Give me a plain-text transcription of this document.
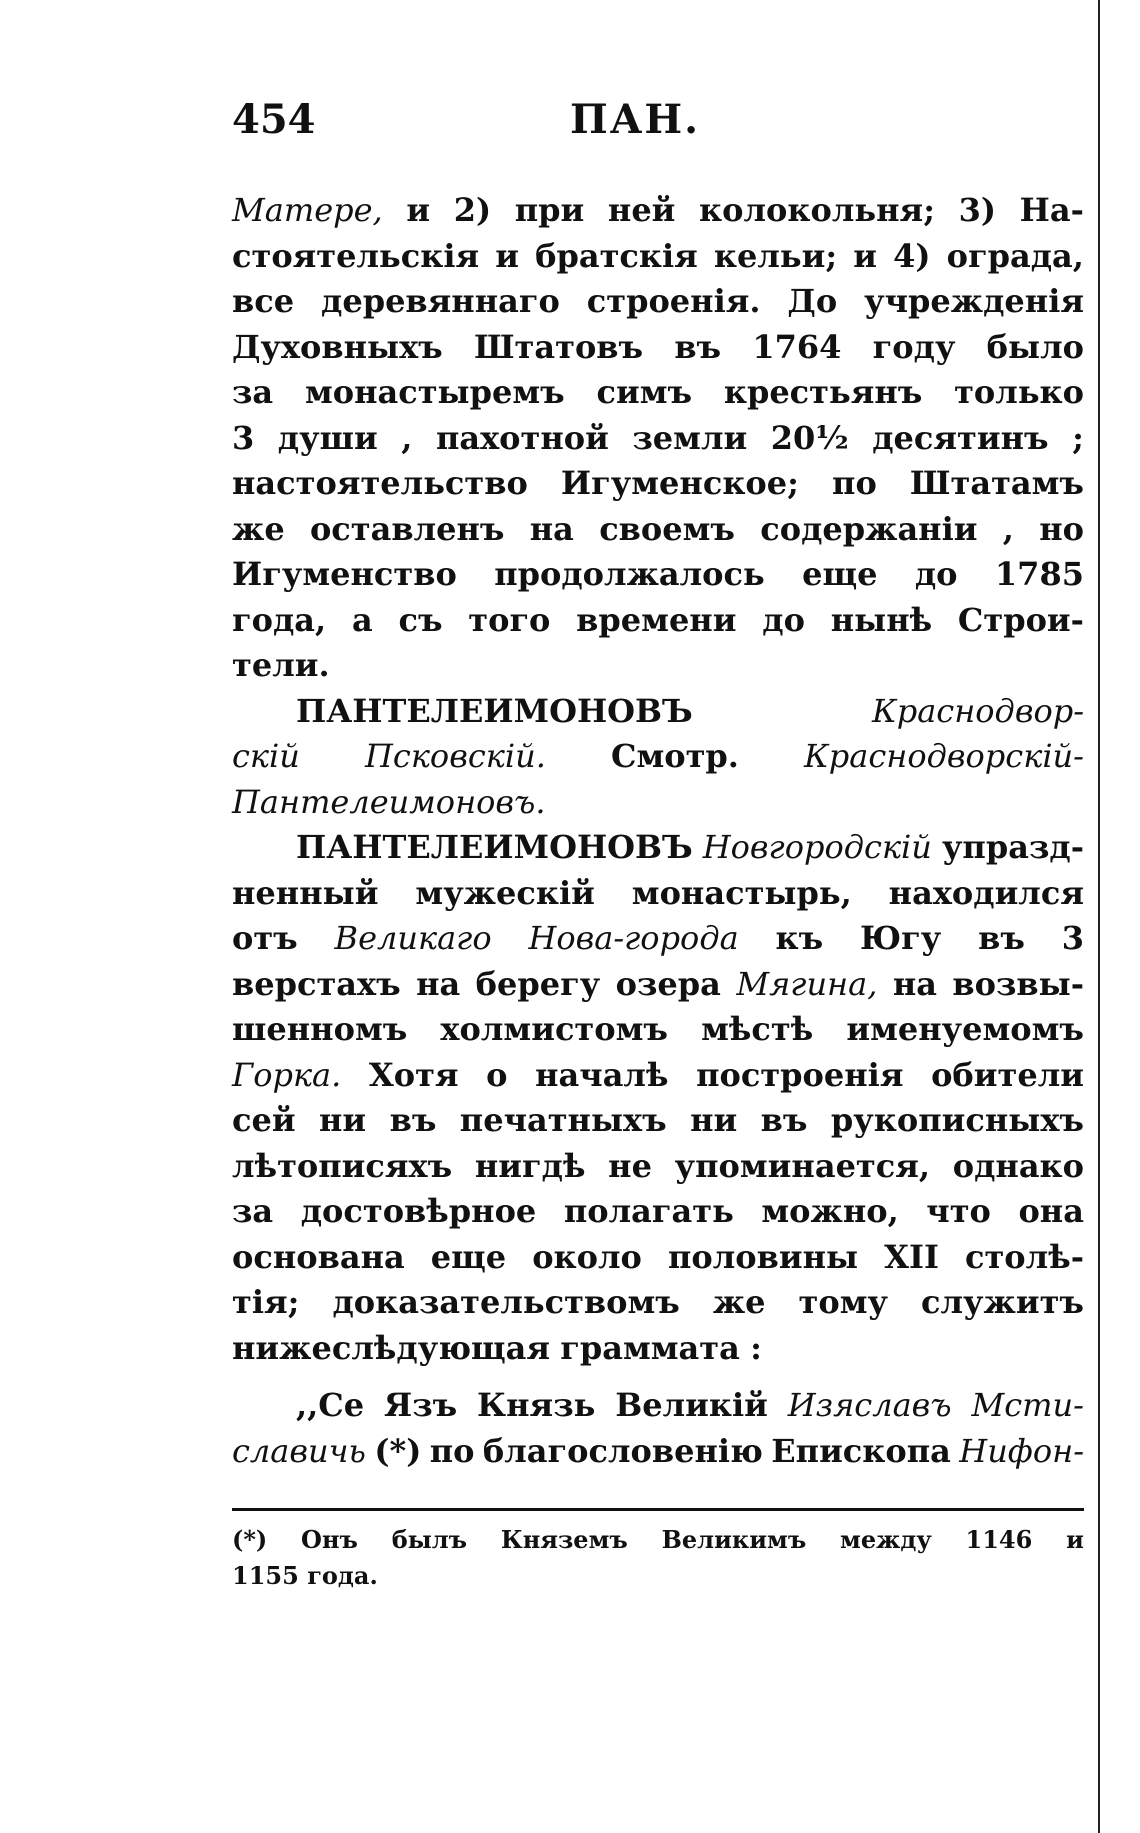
454	ПАН.
Матере, и 2) при ней колокольня; 3) На-
стоятельскія и братскія кельи; и 4) ограда,
все деревяннаго строенія. До учрежденія
Духовныхъ Штатовъ въ 1764 году было
за монастыремъ симъ крестьянъ только
3 души , пахотной земли 20½ десятинъ ;
настоятельство Игуменское; по Штатамъ
же оставленъ на своемъ содержаніи , но
Игуменство продолжалось еще до 1785
года, а съ того времени до нынѣ Строи-
тели.
ПАНТЕЛЕИМОНОВЪ	Краснодвор-
скій Псковскій. Смотр. Краснодворскій-
Пантелеимоновъ.
ПАНТЕЛЕИМОНОВЪ Новгородскій упразд-
ненный мужескій монастырь, находился
отъ Великаго Нова-города къ Югу въ 3
верстахъ на берегу озера Мягина, на возвы-
шенномъ холмистомъ мѣстѣ именуемомъ
Горка. Хотя о началѣ построенія обители
сей ни въ печатныхъ ни въ рукописныхъ
лѣтописяхъ нигдѣ не упоминается, однако
за достовѣрное полагать можно, что она
основана еще около половины XII столѣ-
тія; доказательствомъ же тому служитъ
нижеслѣдующая граммата :
,,Се Язъ Князь Великій Изяславъ Мсти-
славичь (*) по благословенію Епископа Нифон-
(*) Онъ былъ Княземъ Великимъ между 1146 и
1155 года.
